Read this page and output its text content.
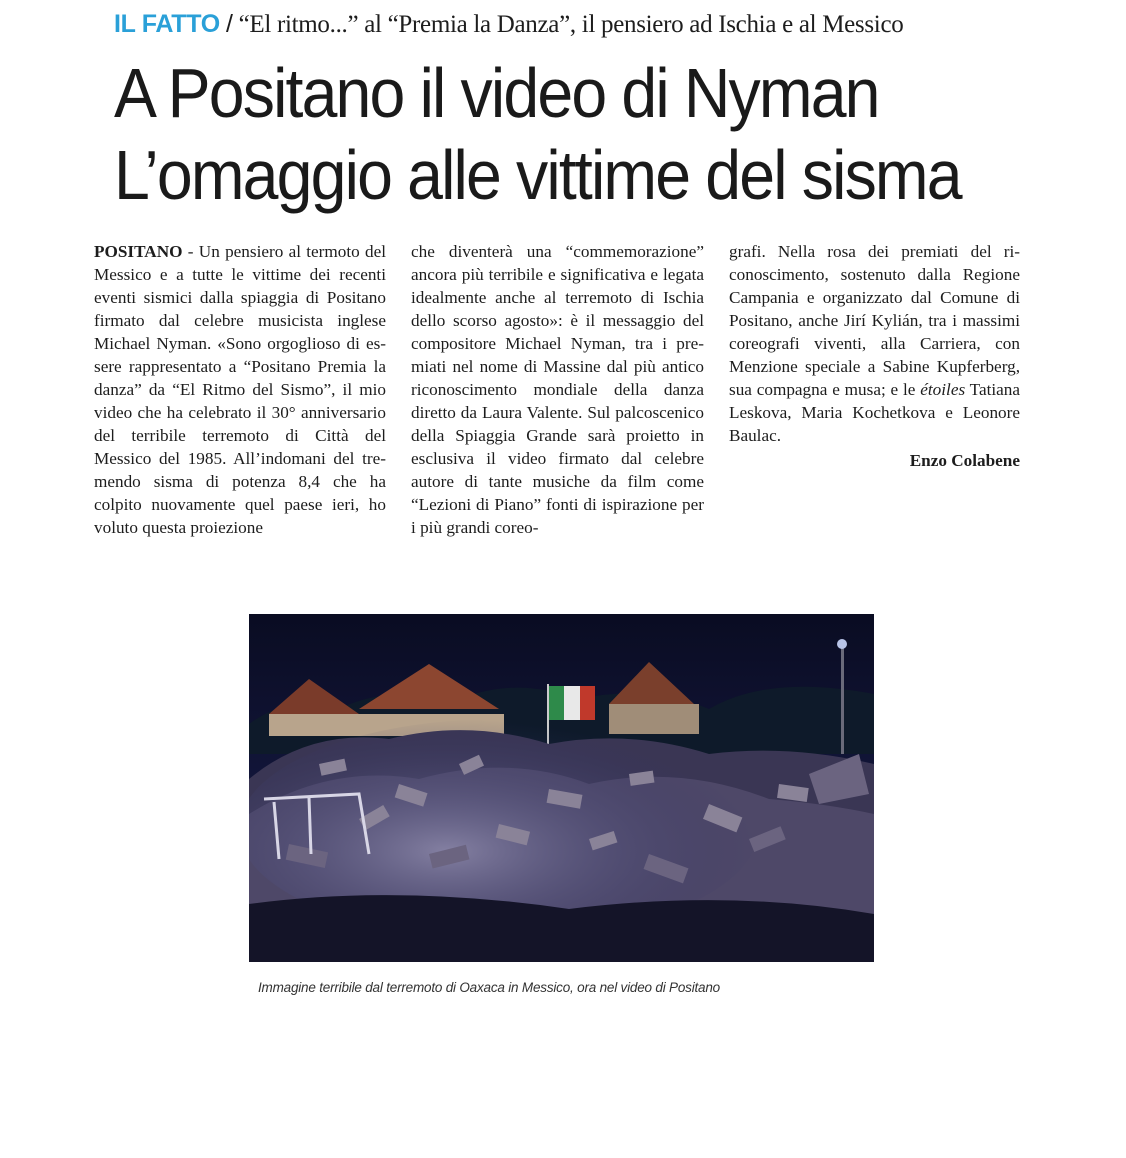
IL FATTO / “El ritmo...” al “Premia la Danza”, il pensiero ad Ischia e al Messico
A Positano il video di Nyman
L’omaggio alle vittime del sisma
POSITANO - Un pensiero al termoto del Messico e a tutte le vittime dei recenti eventi sismici dalla spiaggia di Positano firmato dal celebre musicista inglese Michael Nyman. «Sono orgoglioso di essere rappresentato a “Positano Premia la danza” da “El Ritmo del Sismo”, il mio video che ha celebrato il 30° anniversario del terribile terremoto di Città del Messico del 1985. All’indomani del tremendo sisma di potenza 8,4 che ha colpito nuovamente quel paese ieri, ho voluto questa proiezione
che diventerà una “commemorazione” ancora più terribile e significativa e legata idealmente anche al terremoto di Ischia dello scorso agosto»: è il messaggio del compositore Michael Nyman, tra i premiati nel nome di Massine dal più antico riconoscimento mondiale della danza diretto da Laura Valente. Sul palcoscenico della Spiaggia Grande sarà proietto in esclusiva il video firmato dal celebre autore di tante musiche da film come “Lezioni di Piano” fonti di ispirazione per i più grandi coreo-
grafi. Nella rosa dei premiati del riconoscimento, sostenuto dalla Regione Campania e organizzato dal Comune di Positano, anche Jirí Kylián, tra i massimi coreografi viventi, alla Carriera, con Menzione speciale a Sabine Kupferberg, sua compagna e musa; e le étoiles Tatiana Leskova, Maria Kochetkova e Leonore Baulac.
Enzo Colabene
Immagine terribile dal terremoto di Oaxaca in Messico, ora nel video di Positano
